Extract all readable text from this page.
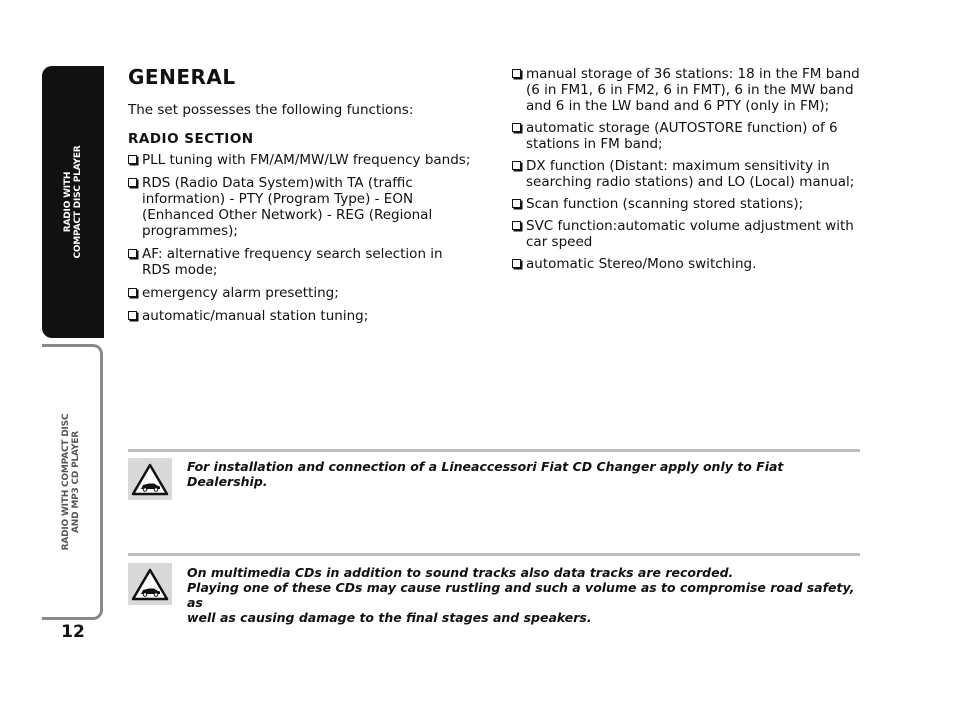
RADIO WITH COMPACT DISC PLAYER
RADIO WITH COMPACT DISC AND MP3 CD PLAYER
12
GENERAL
The set possesses the following functions:
RADIO SECTION
PLL tuning with FM/AM/MW/LW frequency bands;
RDS (Radio Data System)with TA (traffic information) - PTY (Program Type) - EON (Enhanced Other Network) - REG (Regional programmes);
AF: alternative frequency search selection in RDS mode;
emergency alarm presetting;
automatic/manual station tuning;
manual storage of 36 stations: 18 in the FM band (6 in FM1, 6 in FM2, 6 in FMT), 6 in the MW band and 6 in the LW band and 6 PTY (only in FM);
automatic storage (AUTOSTORE function) of 6 stations in FM band;
DX function (Distant: maximum sensitivity in searching radio stations) and LO (Local) manual;
Scan function (scanning stored stations);
SVC function:automatic volume adjustment with car speed
automatic Stereo/Mono switching.
For installation and connection of a Lineaccessori Fiat CD Changer apply only to Fiat Dealership.
On multimedia CDs in addition to sound tracks also data tracks are recorded.
Playing one of these CDs may cause rustling and such a volume as to compromise road safety, as
well as causing damage to the final stages and speakers.
